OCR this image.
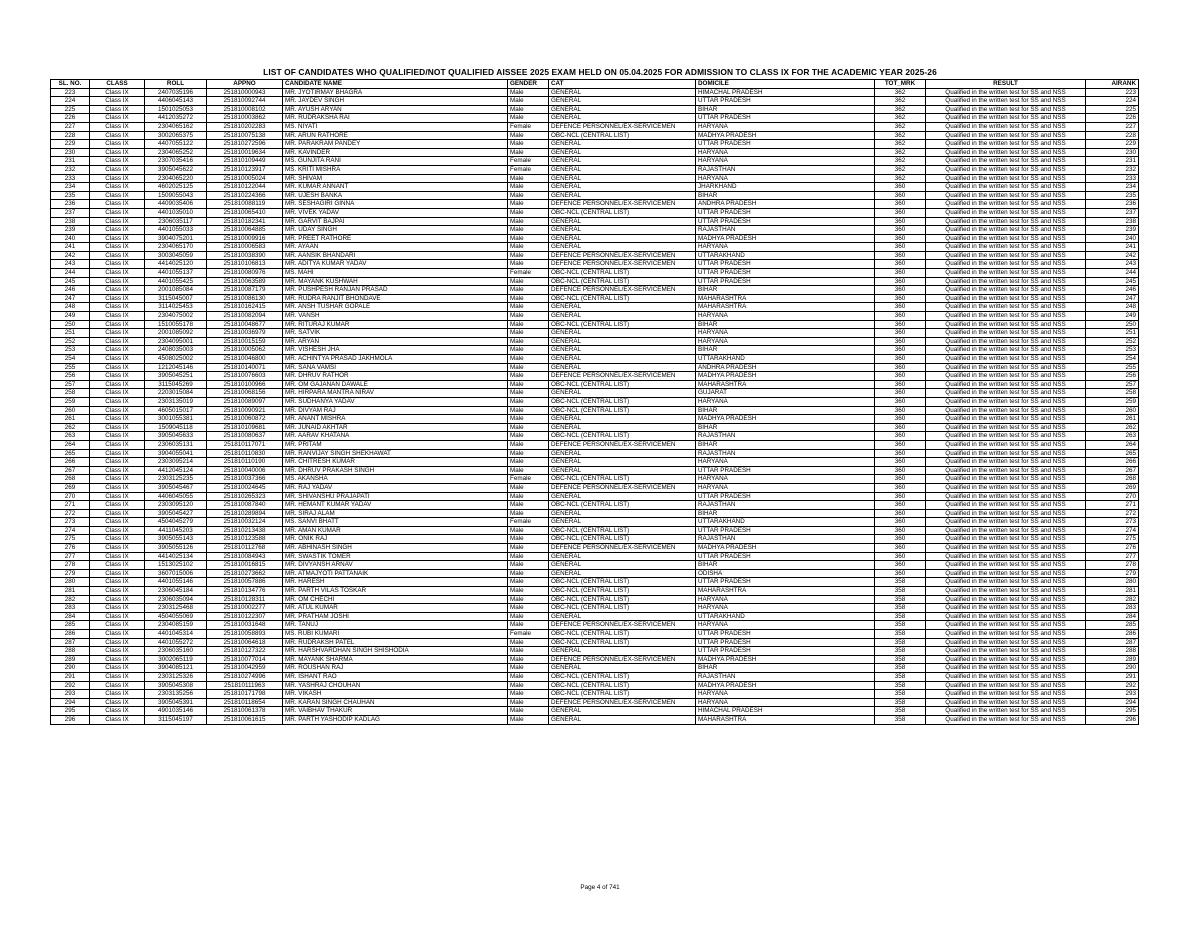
LIST OF CANDIDATES WHO QUALIFIED/NOT QUALIFIED AISSEE 2025 EXAM HELD ON 05.04.2025 FOR ADMISSION TO CLASS IX FOR THE ACADEMIC YEAR 2025-26
SL. NO.	CLASS	ROLL	APPNO	CANDIDATE NAME	GENDER	CAT	DOMICILE	TOT_MRK	RESULT	AIRANK
223	Class IX	2407035196	251810000943	MR. JYOTIRMAY BHAGRA	Male	GENERAL	HIMACHAL PRADESH	362	Qualified in the written test for SS and NSS	223
224	Class IX	4406045143	251810092744	MR. JAYDEV SINGH	Male	GENERAL	UTTAR PRADESH	362	Qualified in the written test for SS and NSS	224
225	Class IX	1501025053	251810008102	MR. AYUSH ARYAN	Male	GENERAL	BIHAR	362	Qualified in the written test for SS and NSS	225
226	Class IX	4412035272	251810003862	MR. RUDRAKSHA RAI	Male	GENERAL	UTTAR PRADESH	362	Qualified in the written test for SS and NSS	226
227	Class IX	2304065162	251810202283	MS. NIYATI	Female	DEFENCE PERSONNEL/EX-SERVICEMEN	HARYANA	362	Qualified in the written test for SS and NSS	227
228	Class IX	3002065375	251810075138	MR. ARUN RATHORE	Male	OBC-NCL (CENTRAL LIST)	MADHYA PRADESH	362	Qualified in the written test for SS and NSS	228
229	Class IX	4407055122	251810272596	MR. PARAKRAM PANDEY	Male	GENERAL	UTTAR PRADESH	362	Qualified in the written test for SS and NSS	229
230	Class IX	2304065252	251810019634	MR. KAVINDER	Male	GENERAL	HARYANA	362	Qualified in the written test for SS and NSS	230
231	Class IX	2307035416	251810109449	MS. GUNJITA RANI	Female	GENERAL	HARYANA	362	Qualified in the written test for SS and NSS	231
232	Class IX	3905045622	251810123917	MS. KRITI MISHRA	Female	GENERAL	RAJASTHAN	362	Qualified in the written test for SS and NSS	232
233	Class IX	2304065220	251810005024	MR. SHIVAM	Male	GENERAL	HARYANA	362	Qualified in the written test for SS and NSS	233
234	Class IX	4602025125	251810122044	MR. KUMAR ANNANT	Male	GENERAL	JHARKHAND	360	Qualified in the written test for SS and NSS	234
235	Class IX	1509055043	251810224366	MR. UJESH BANKA	Male	GENERAL	BIHAR	360	Qualified in the written test for SS and NSS	235
236	Class IX	4409035406	251810088119	MR. SESHAGIRI GINNA	Male	DEFENCE PERSONNEL/EX-SERVICEMEN	ANDHRA PRADESH	360	Qualified in the written test for SS and NSS	236
237	Class IX	4401035010	251810065410	MR. VIVEK YADAV	Male	OBC-NCL (CENTRAL LIST)	UTTAR PRADESH	360	Qualified in the written test for SS and NSS	237
238	Class IX	2306035117	251810182341	MR. GARVIT BAJPAI	Male	GENERAL	UTTAR PRADESH	360	Qualified in the written test for SS and NSS	238
239	Class IX	4401055033	251810064885	MR. UDAY SINGH	Male	GENERAL	RAJASTHAN	360	Qualified in the written test for SS and NSS	239
240	Class IX	3904075201	251810009916	MR. PREET RATHORE	Male	GENERAL	MADHYA PRADESH	360	Qualified in the written test for SS and NSS	240
241	Class IX	2304065170	251810006583	MR. AYAAN	Male	GENERAL	HARYANA	360	Qualified in the written test for SS and NSS	241
242	Class IX	3003045059	251810038390	MR. AANSIK BHANDARI	Male	DEFENCE PERSONNEL/EX-SERVICEMEN	UTTARAKHAND	360	Qualified in the written test for SS and NSS	242
243	Class IX	4414025120	251810106813	MR. ADITYA KUMAR YADAV	Male	DEFENCE PERSONNEL/EX-SERVICEMEN	UTTAR PRADESH	360	Qualified in the written test for SS and NSS	243
244	Class IX	4401055137	251810080976	MS. MAHI	Female	OBC-NCL (CENTRAL LIST)	UTTAR PRADESH	360	Qualified in the written test for SS and NSS	244
245	Class IX	4401055425	251810063589	MR. MAYANK KUSHWAH	Male	OBC-NCL (CENTRAL LIST)	UTTAR PRADESH	360	Qualified in the written test for SS and NSS	245
246	Class IX	2001085084	251810087179	MR. PUSHPESH RANJAN PRASAD	Male	DEFENCE PERSONNEL/EX-SERVICEMEN	BIHAR	360	Qualified in the written test for SS and NSS	246
247	Class IX	3115045007	251810086130	MR. RUDRA RANJIT BHONDAVE	Male	OBC-NCL (CENTRAL LIST)	MAHARASHTRA	360	Qualified in the written test for SS and NSS	247
248	Class IX	3114025453	251810162415	MR. ANSH TUSHAR GOPALE	Male	GENERAL	MAHARASHTRA	360	Qualified in the written test for SS and NSS	248
249	Class IX	2304075002	251810082094	MR. VANSH	Male	GENERAL	HARYANA	360	Qualified in the written test for SS and NSS	249
250	Class IX	1510055178	251810048677	MR. RITURAJ KUMAR	Male	OBC-NCL (CENTRAL LIST)	BIHAR	360	Qualified in the written test for SS and NSS	250
251	Class IX	2001085092	251810036979	MR. SATVIK	Male	GENERAL	HARYANA	360	Qualified in the written test for SS and NSS	251
252	Class IX	2304095001	251810015159	MR. ARYAN	Male	GENERAL	HARYANA	360	Qualified in the written test for SS and NSS	252
253	Class IX	2408035003	251810005062	MR. VISHESH JHA	Male	GENERAL	BIHAR	360	Qualified in the written test for SS and NSS	253
254	Class IX	4508025002	251810046800	MR. ACHINTYA PRASAD JAKHMOLA	Male	GENERAL	UTTARAKHAND	360	Qualified in the written test for SS and NSS	254
255	Class IX	1212045146	251810140071	MR. SANA VAMSI	Male	GENERAL	ANDHRA PRADESH	360	Qualified in the written test for SS and NSS	255
256	Class IX	3905045251	251810076603	MR. DHRUV RATHOR	Male	DEFENCE PERSONNEL/EX-SERVICEMEN	MADHYA PRADESH	360	Qualified in the written test for SS and NSS	256
257	Class IX	3115045269	251810100966	MR. OM GAJANAN DAWALE	Male	OBC-NCL (CENTRAL LIST)	MAHARASHTRA	360	Qualified in the written test for SS and NSS	257
258	Class IX	2203015084	251810068156	MR. HIRPARA MANTRA NIRAV	Male	GENERAL	GUJARAT	360	Qualified in the written test for SS and NSS	258
259	Class IX	2303135019	251810089097	MR. SUDHANYA YADAV	Male	OBC-NCL (CENTRAL LIST)	HARYANA	360	Qualified in the written test for SS and NSS	259
260	Class IX	4605015017	251810090921	MR. DIVYAM RAJ	Male	OBC-NCL (CENTRAL LIST)	BIHAR	360	Qualified in the written test for SS and NSS	260
261	Class IX	3001055381	251810060872	MR. ANANT MISHRA	Male	GENERAL	MADHYA PRADESH	360	Qualified in the written test for SS and NSS	261
262	Class IX	1509045118	251810109681	MR. JUNAID AKHTAR	Male	GENERAL	BIHAR	360	Qualified in the written test for SS and NSS	262
263	Class IX	3905045633	251810080637	MR. AARAV KHATANA	Male	OBC-NCL (CENTRAL LIST)	RAJASTHAN	360	Qualified in the written test for SS and NSS	263
264	Class IX	2306035131	251810117071	MR. PRITAM	Male	DEFENCE PERSONNEL/EX-SERVICEMEN	BIHAR	360	Qualified in the written test for SS and NSS	264
265	Class IX	3904055041	251810110830	MR. RANVIJAY SINGH SHEKHAWAT	Male	GENERAL	RAJASTHAN	360	Qualified in the written test for SS and NSS	265
266	Class IX	2303095214	251810110190	MR. CHITRESH KUMAR	Male	GENERAL	HARYANA	360	Qualified in the written test for SS and NSS	266
267	Class IX	4412045124	251810040006	MR. DHRUV PRAKASH SINGH	Male	GENERAL	UTTAR PRADESH	360	Qualified in the written test for SS and NSS	267
268	Class IX	2303125235	251810037366	MS. AKANSHA	Female	OBC-NCL (CENTRAL LIST)	HARYANA	360	Qualified in the written test for SS and NSS	268
269	Class IX	3905045467	251810024645	MR. RAJ YADAV	Male	DEFENCE PERSONNEL/EX-SERVICEMEN	HARYANA	360	Qualified in the written test for SS and NSS	269
270	Class IX	4406045055	251810265323	MR. SHIVANSHU PRAJAPATI	Male	GENERAL	UTTAR PRADESH	360	Qualified in the written test for SS and NSS	270
271	Class IX	2303095120	251810087840	MR. HEMANT KUMAR YADAV	Male	OBC-NCL (CENTRAL LIST)	RAJASTHAN	360	Qualified in the written test for SS and NSS	271
272	Class IX	3905045427	251810289894	MR. SIRAJ ALAM	Male	GENERAL	BIHAR	360	Qualified in the written test for SS and NSS	272
273	Class IX	4504045279	251810032124	MS. SANVI BHATT	Female	GENERAL	UTTARAKHAND	360	Qualified in the written test for SS and NSS	273
274	Class IX	4411045203	251810213438	MR. AMAN KUMAR	Male	OBC-NCL (CENTRAL LIST)	UTTAR PRADESH	360	Qualified in the written test for SS and NSS	274
275	Class IX	3905055143	251810123588	MR. ONIK RAJ	Male	OBC-NCL (CENTRAL LIST)	RAJASTHAN	360	Qualified in the written test for SS and NSS	275
276	Class IX	3905055126	251810112768	MR. ABHINASH SINGH	Male	DEFENCE PERSONNEL/EX-SERVICEMEN	MADHYA PRADESH	360	Qualified in the written test for SS and NSS	276
277	Class IX	4414025134	251810084943	MR. SWASTIK TOMER	Male	GENERAL	UTTAR PRADESH	360	Qualified in the written test for SS and NSS	277
278	Class IX	1513025102	251810016815	MR. DIVYANSH ARNAV	Male	GENERAL	BIHAR	360	Qualified in the written test for SS and NSS	278
279	Class IX	3607015006	251810273662	MR. ATMAJYOTI PATTANAIK	Male	GENERAL	ODISHA	360	Qualified in the written test for SS and NSS	279
280	Class IX	4401055146	251810057886	MR. HARESH	Male	OBC-NCL (CENTRAL LIST)	UTTAR PRADESH	358	Qualified in the written test for SS and NSS	280
281	Class IX	2306045184	251810134776	MR. PARTH VILAS TOSKAR	Male	OBC-NCL (CENTRAL LIST)	MAHARASHTRA	358	Qualified in the written test for SS and NSS	281
282	Class IX	2306035094	251810128311	MR. OM CHECHI	Male	OBC-NCL (CENTRAL LIST)	HARYANA	358	Qualified in the written test for SS and NSS	282
283	Class IX	2303125468	251810002277	MR. ATUL KUMAR	Male	OBC-NCL (CENTRAL LIST)	HARYANA	358	Qualified in the written test for SS and NSS	283
284	Class IX	4504055069	251810122307	MR. PRATHAM JOSHI	Male	GENERAL	UTTARAKHAND	358	Qualified in the written test for SS and NSS	284
285	Class IX	2304085159	251810031648	MR. TANUJ	Male	DEFENCE PERSONNEL/EX-SERVICEMEN	HARYANA	358	Qualified in the written test for SS and NSS	285
286	Class IX	4401045314	251810058893	MS. RUBI KUMARI	Female	OBC-NCL (CENTRAL LIST)	UTTAR PRADESH	358	Qualified in the written test for SS and NSS	286
287	Class IX	4401055272	251810064618	MR. RUDRAKSH PATEL	Male	OBC-NCL (CENTRAL LIST)	UTTAR PRADESH	358	Qualified in the written test for SS and NSS	287
288	Class IX	2306035160	251810127322	MR. HARSHVARDHAN SINGH SHISHODIA	Male	GENERAL	UTTAR PRADESH	358	Qualified in the written test for SS and NSS	288
289	Class IX	3002065119	251810077014	MR. MAYANK SHARMA	Male	DEFENCE PERSONNEL/EX-SERVICEMEN	MADHYA PRADESH	358	Qualified in the written test for SS and NSS	289
290	Class IX	3904085121	251810042959	MR. ROUSHAN RAJ	Male	GENERAL	BIHAR	358	Qualified in the written test for SS and NSS	290
291	Class IX	2303125326	251810274996	MR. ISHANT RAO	Male	OBC-NCL (CENTRAL LIST)	RAJASTHAN	358	Qualified in the written test for SS and NSS	291
292	Class IX	3905045308	251810111963	MR. YASHRAJ CHOUHAN	Male	OBC-NCL (CENTRAL LIST)	MADHYA PRADESH	358	Qualified in the written test for SS and NSS	292
293	Class IX	2303135256	251810171798	MR. VIKASH	Male	OBC-NCL (CENTRAL LIST)	HARYANA	358	Qualified in the written test for SS and NSS	293
294	Class IX	3905045391	251810118654	MR. KARAN SINGH CHAUHAN	Male	DEFENCE PERSONNEL/EX-SERVICEMEN	HARYANA	358	Qualified in the written test for SS and NSS	294
295	Class IX	4901035146	251810061378	MR. VAIBHAV THAKUR	Male	GENERAL	HIMACHAL PRADESH	358	Qualified in the written test for SS and NSS	295
296	Class IX	3115045197	251810061615	MR. PARTH YASHODIP KADLAG	Male	GENERAL	MAHARASHTRA	358	Qualified in the written test for SS and NSS	296
Page 4 of 741
